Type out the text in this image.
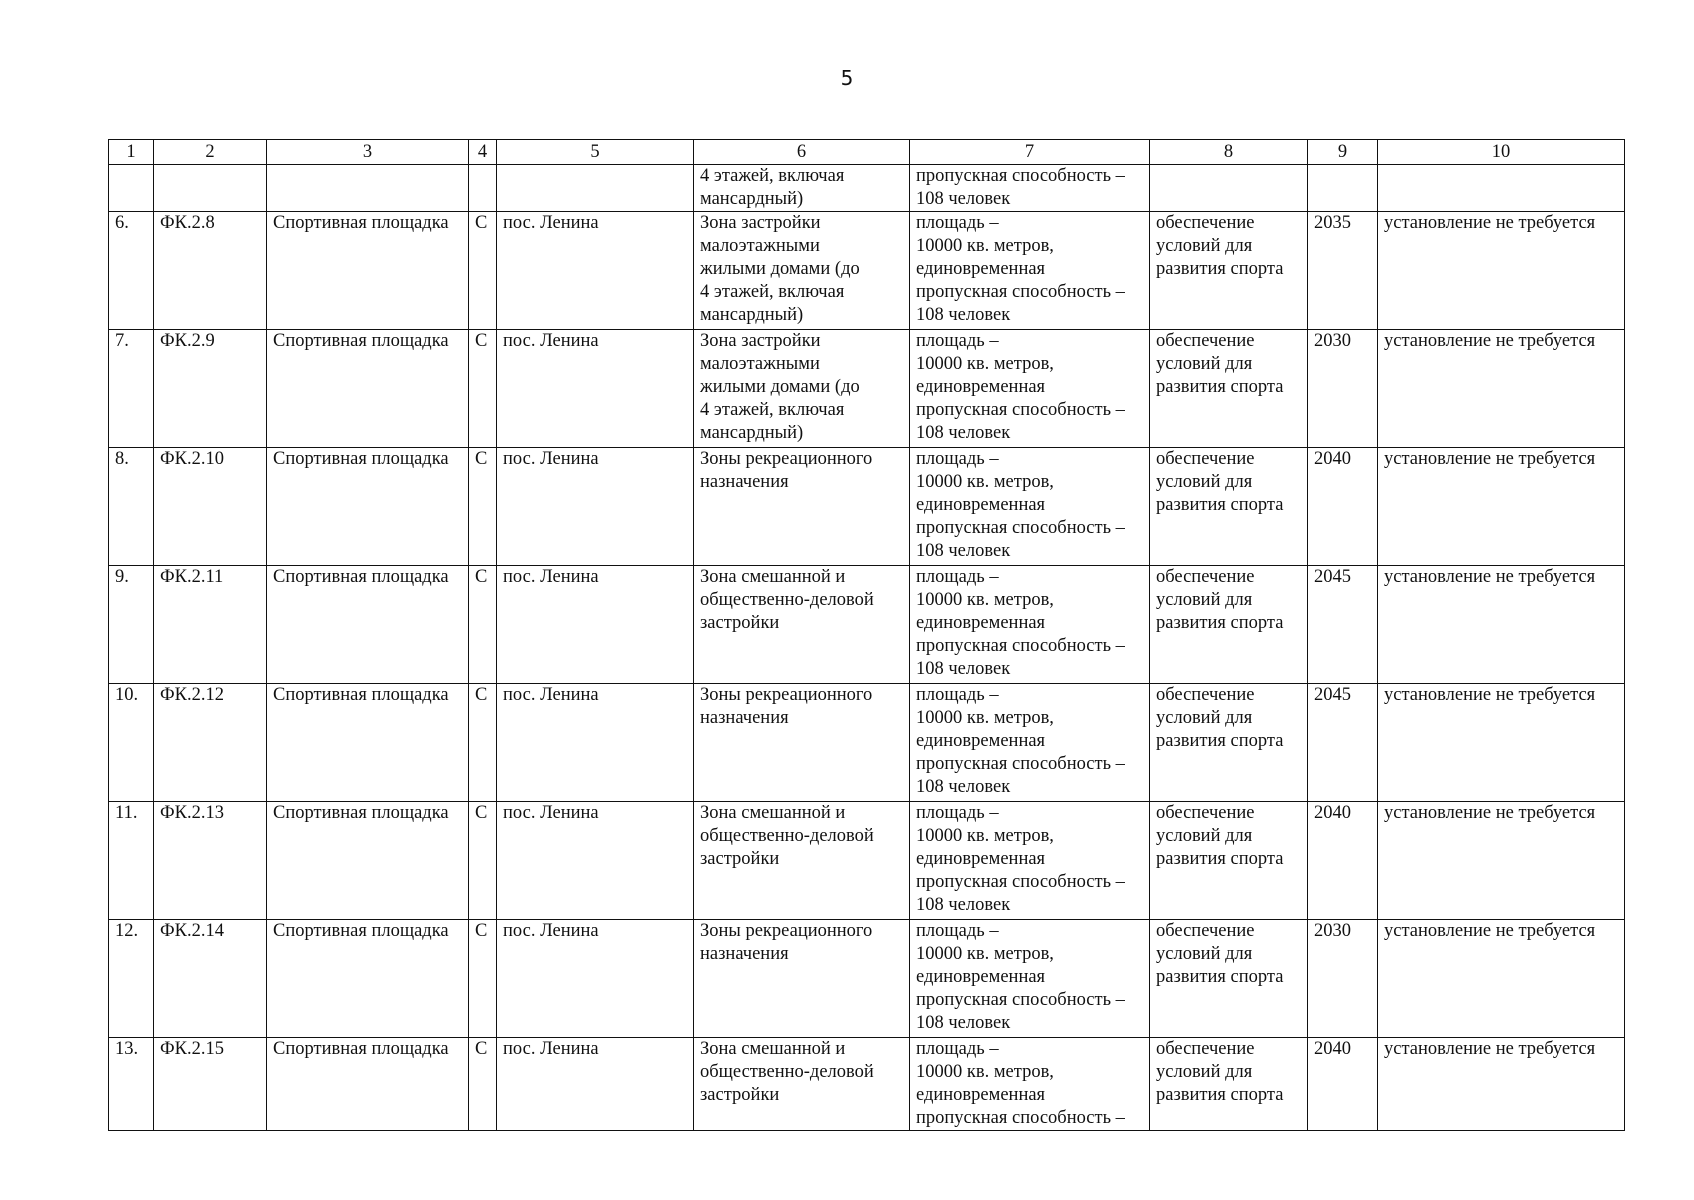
5
1	2	3	4	5	6	7	8	9	10
					4 этажей, включая
мансардный)	пропускная способность –
108 человек			
6.	ФК.2.8	Спортивная площадка	С	пос. Ленина	Зона застройки
малоэтажными
жилыми домами (до
4 этажей, включая
мансардный)	площадь –
10000 кв. метров,
единовременная
пропускная способность –
108 человек	обеспечение
условий для
развития спорта	2035	установление не требуется
7.	ФК.2.9	Спортивная площадка	С	пос. Ленина	Зона застройки
малоэтажными
жилыми домами (до
4 этажей, включая
мансардный)	площадь –
10000 кв. метров,
единовременная
пропускная способность –
108 человек	обеспечение
условий для
развития спорта	2030	установление не требуется
8.	ФК.2.10	Спортивная площадка	С	пос. Ленина	Зоны рекреационного
назначения	площадь –
10000 кв. метров,
единовременная
пропускная способность –
108 человек	обеспечение
условий для
развития спорта	2040	установление не требуется
9.	ФК.2.11	Спортивная площадка	С	пос. Ленина	Зона смешанной и
общественно-деловой
застройки	площадь –
10000 кв. метров,
единовременная
пропускная способность –
108 человек	обеспечение
условий для
развития спорта	2045	установление не требуется
10.	ФК.2.12	Спортивная площадка	С	пос. Ленина	Зоны рекреационного
назначения	площадь –
10000 кв. метров,
единовременная
пропускная способность –
108 человек	обеспечение
условий для
развития спорта	2045	установление не требуется
11.	ФК.2.13	Спортивная площадка	С	пос. Ленина	Зона смешанной и
общественно-деловой
застройки	площадь –
10000 кв. метров,
единовременная
пропускная способность –
108 человек	обеспечение
условий для
развития спорта	2040	установление не требуется
12.	ФК.2.14	Спортивная площадка	С	пос. Ленина	Зоны рекреационного
назначения	площадь –
10000 кв. метров,
единовременная
пропускная способность –
108 человек	обеспечение
условий для
развития спорта	2030	установление не требуется
13.	ФК.2.15	Спортивная площадка	С	пос. Ленина	Зона смешанной и
общественно-деловой
застройки	площадь –
10000 кв. метров,
единовременная
пропускная способность –	обеспечение
условий для
развития спорта	2040	установление не требуется
